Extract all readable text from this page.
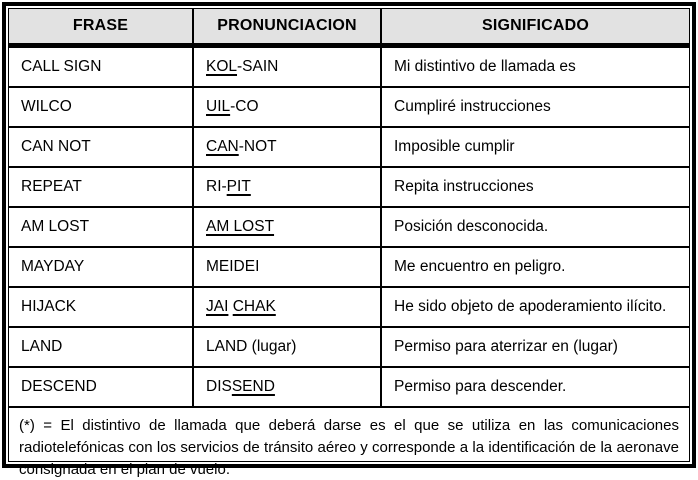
FRASE	PRONUNCIACION	SIGNIFICADO
CALL SIGN	KOL-SAIN	Mi distintivo de llamada es
WILCO	UIL-CO	Cumpliré instrucciones
CAN NOT	CAN-NOT	Imposible cumplir
REPEAT	RI-PIT	Repita instrucciones
AM LOST	AM LOST	Posición desconocida.
MAYDAY	MEIDEI	Me encuentro en peligro.
HIJACK	JAI CHAK	He sido objeto de apoderamiento ilícito.
LAND	LAND (lugar)	Permiso para aterrizar en (lugar)
DESCEND	DISSEND	Permiso para descender.
(*) = El distintivo de llamada que deberá darse es el que se utiliza en las comunicaciones radiotelefónicas con los servicios de tránsito aéreo y corresponde a la identificación de la aeronave consignada en el plan de vuelo.
